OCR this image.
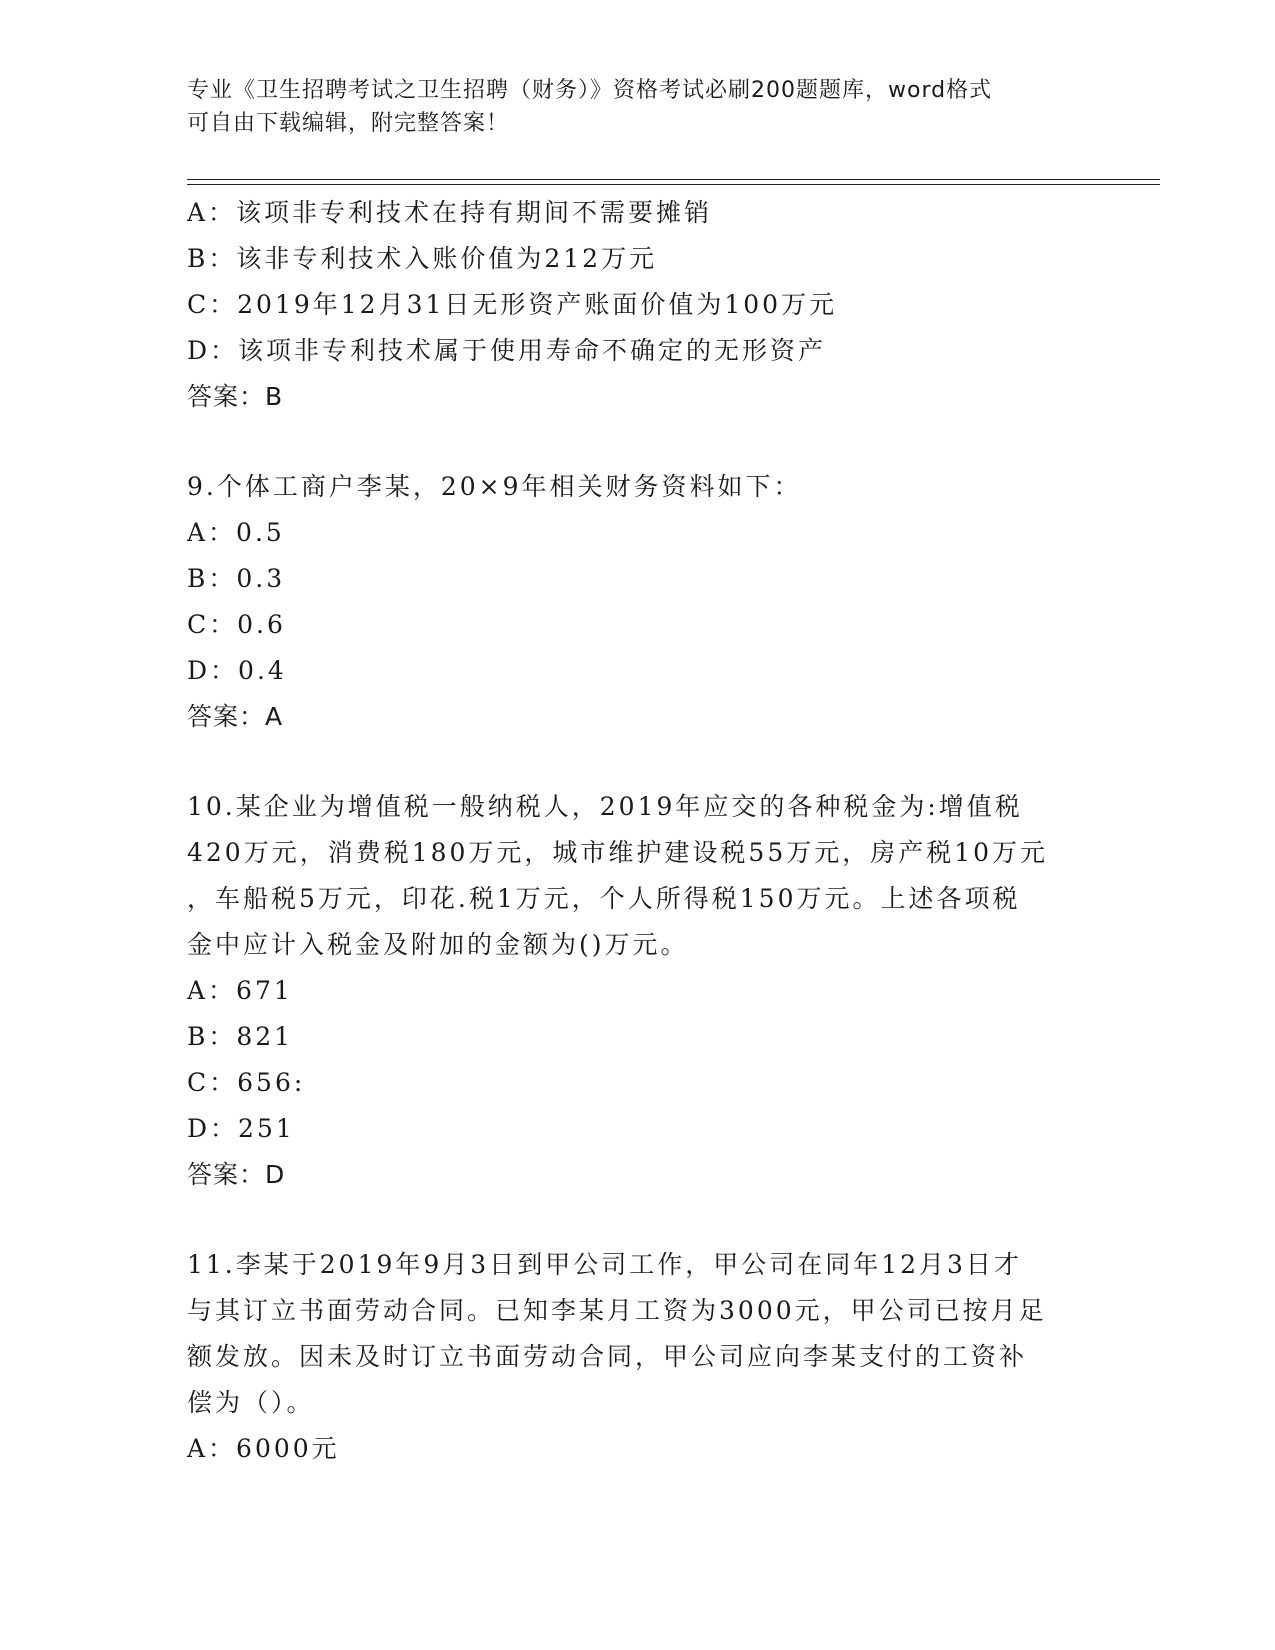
专业《卫生招聘考试之卫生招聘（财务）》资格考试必刷200题题库，word格式
可自由下载编辑，附完整答案！
A：该项非专利技术在持有期间不需要摊销
B：该非专利技术入账价值为212万元
C：2019年12月31日无形资产账面价值为100万元
D：该项非专利技术属于使用寿命不确定的无形资产
答案：B
9.个体工商户李某，20×9年相关财务资料如下：
A：0.5
B：0.3
C：0.6
D：0.4
答案：A
10.某企业为增值税一般纳税人，2019年应交的各种税金为:增值税
420万元，消费税180万元，城市维护建设税55万元，房产税10万元
，车船税5万元，印花.税1万元，个人所得税150万元。上述各项税
金中应计入税金及附加的金额为()万元。
A：671
B：821
C：656:
D：251
答案：D
11.李某于2019年9月3日到甲公司工作，甲公司在同年12月3日才
与其订立书面劳动合同。已知李某月工资为3000元，甲公司已按月足
额发放。因未及时订立书面劳动合同，甲公司应向李某支付的工资补
偿为（）。
A：6000元
